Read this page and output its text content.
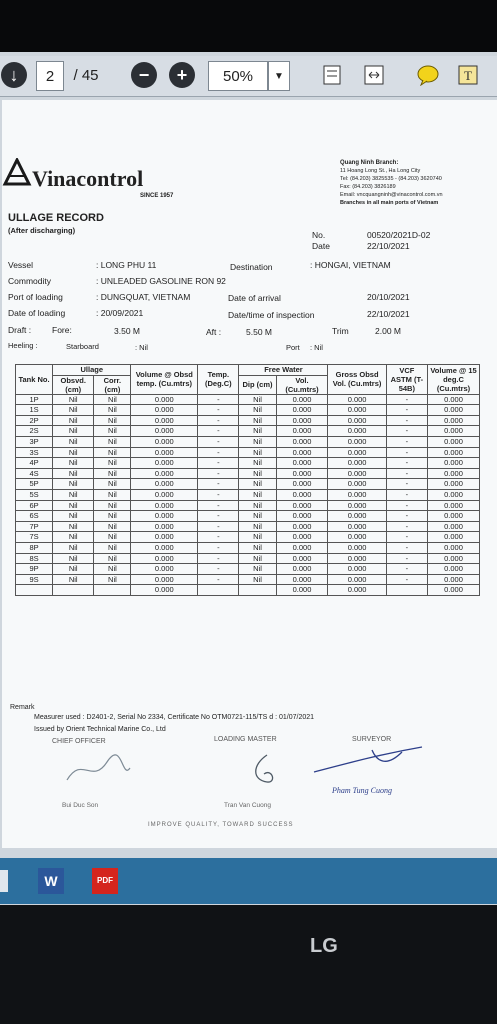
↓	2	/ 45	−	+	50%	▼	T
Vinacontrol
SINCE 1957
Quang Ninh Branch:
11 Hoang Long St., Ha Long City
Tel: (84.203) 3825535 - (84.203) 3620740
Fax: (84.203) 3826189
Email: vncquangninh@vinacontrol.com.vn
Branches in all main ports of Vietnam
ULLAGE RECORD
(After discharging)	No.	00520/2021D-02
Date	22/10/2021
Vessel	: LONG PHU 11	Destination	: HONGAI, VIETNAM
Commodity	: UNLEADED GASOLINE RON 92
Port of loading	: DUNGQUAT, VIETNAM	Date of arrival	20/10/2021
Date of loading	: 20/09/2021	Date/time of inspection	22/10/2021
Draft : Fore:	3.50 M	Aft :	5.50 M	Trim	2.00 M
Heeling :	Starboard	: Nil	Port : Nil
CHIEF OFFICER	LOADING MASTER	SURVEYOR
Pham Tung Cuong
Bui Duc Son	Tran Van Cuong
IMPROVE QUALITY, TOWARD SUCCESS
Remark
Measurer used : D2401-2, Serial No 2334, Certificate No OTM0721-115/TS d : 01/07/2021
Issued by Orient Technical Marine Co., Ltd
Tank No.	Ullage		Volume @ Obsd temp. (Cu.mtrs)	Temp. (Deg.C)	Free Water		Gross Obsd Vol. (Cu.mtrs)	VCF ASTM (T-54B)	Volume @ 15 deg.C (Cu.mtrs)
	Obsvd. (cm)	Corr. (cm)			Dip (cm)	Vol. (Cu.mtrs)			
1P	Nil	Nil	0.000	-	Nil	0.000	0.000	-	0.000
1S	Nil	Nil	0.000	-	Nil	0.000	0.000	-	0.000
2P	Nil	Nil	0.000	-	Nil	0.000	0.000	-	0.000
2S	Nil	Nil	0.000	-	Nil	0.000	0.000	-	0.000
3P	Nil	Nil	0.000	-	Nil	0.000	0.000	-	0.000
3S	Nil	Nil	0.000	-	Nil	0.000	0.000	-	0.000
4P	Nil	Nil	0.000	-	Nil	0.000	0.000	-	0.000
4S	Nil	Nil	0.000	-	Nil	0.000	0.000	-	0.000
5P	Nil	Nil	0.000	-	Nil	0.000	0.000	-	0.000
5S	Nil	Nil	0.000	-	Nil	0.000	0.000	-	0.000
6P	Nil	Nil	0.000	-	Nil	0.000	0.000	-	0.000
6S	Nil	Nil	0.000	-	Nil	0.000	0.000	-	0.000
7P	Nil	Nil	0.000	-	Nil	0.000	0.000	-	0.000
7S	Nil	Nil	0.000	-	Nil	0.000	0.000	-	0.000
8P	Nil	Nil	0.000	-	Nil	0.000	0.000	-	0.000
8S	Nil	Nil	0.000	-	Nil	0.000	0.000	-	0.000
9P	Nil	Nil	0.000	-	Nil	0.000	0.000	-	0.000
9S	Nil	Nil	0.000	-	Nil	0.000	0.000	-	0.000
			0.000			0.000	0.000		0.000
W	PDF
LG
